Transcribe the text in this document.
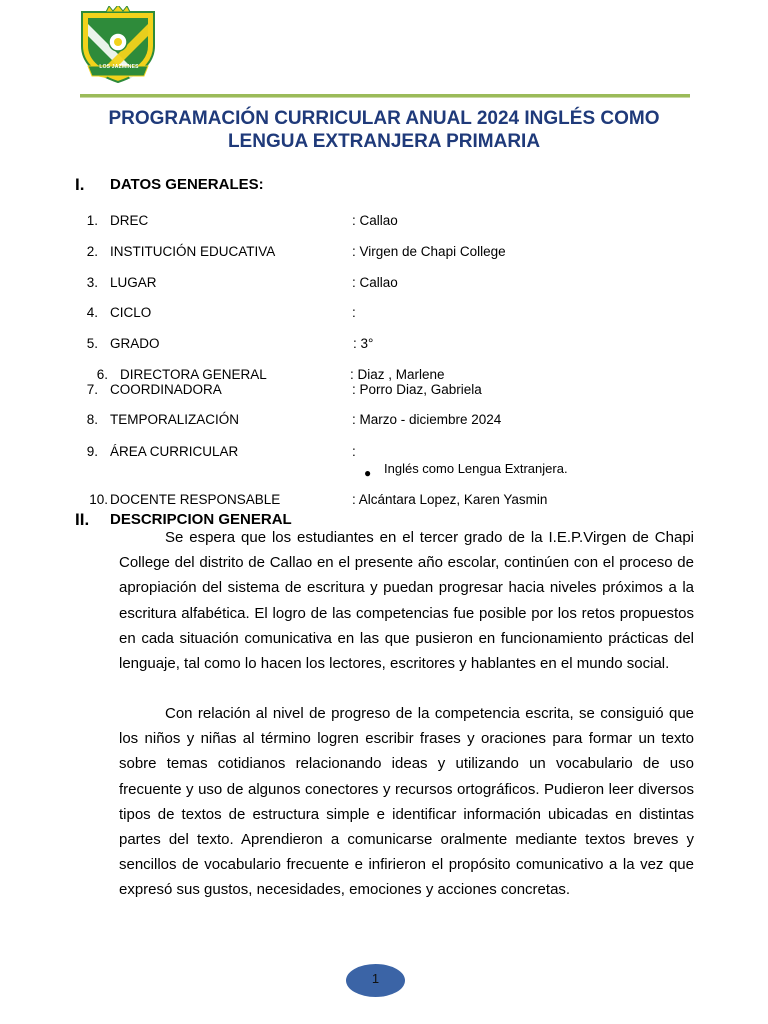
LOS JAZMINES
PROGRAMACIÓN CURRICULAR ANUAL 2024 INGLÉS COMO
LENGUA EXTRANJERA PRIMARIA
I. DATOS GENERALES:
1. DREC	: Callao
2. INSTITUCIÓN EDUCATIVA	: Virgen de Chapi College
3. LUGAR	: Callao
4. CICLO	:
5. GRADO	: 3°
6. DIRECTORA GENERAL	: Diaz , Marlene
7. COORDINADORA	: Porro Diaz, Gabriela
8. TEMPORALIZACIÓN	: Marzo - diciembre 2024
9. ÁREA CURRICULAR	:
● Inglés como Lengua Extranjera.
10. DOCENTE RESPONSABLE	: Alcántara Lopez, Karen Yasmin
II. DESCRIPCION GENERAL

Se espera que los estudiantes en el tercer grado de la I.E.P.Virgen de Chapi College del distrito de Callao en el presente año escolar, continúen con el proceso de apropiación del sistema de escritura y puedan progresar hacia niveles próximos a la escritura alfabética. El logro de las competencias fue posible por los retos propuestos en cada situación comunicativa en las que pusieron en funcionamiento prácticas del lenguaje, tal como lo hacen los lectores, escritores y hablantes en el mundo social.

Con relación al nivel de progreso de la competencia escrita, se consiguió que los niños y niñas al término logren escribir frases y oraciones para formar un texto sobre temas cotidianos relacionando ideas y utilizando un vocabulario de uso frecuente y uso de algunos conectores y recursos ortográficos. Pudieron leer diversos tipos de textos de estructura simple e identificar información ubicadas en distintas partes del texto. Aprendieron a comunicarse oralmente mediante textos breves y sencillos de vocabulario frecuente e infirieron el propósito comunicativo a la vez que expresó sus gustos, necesidades, emociones y acciones concretas.

1
